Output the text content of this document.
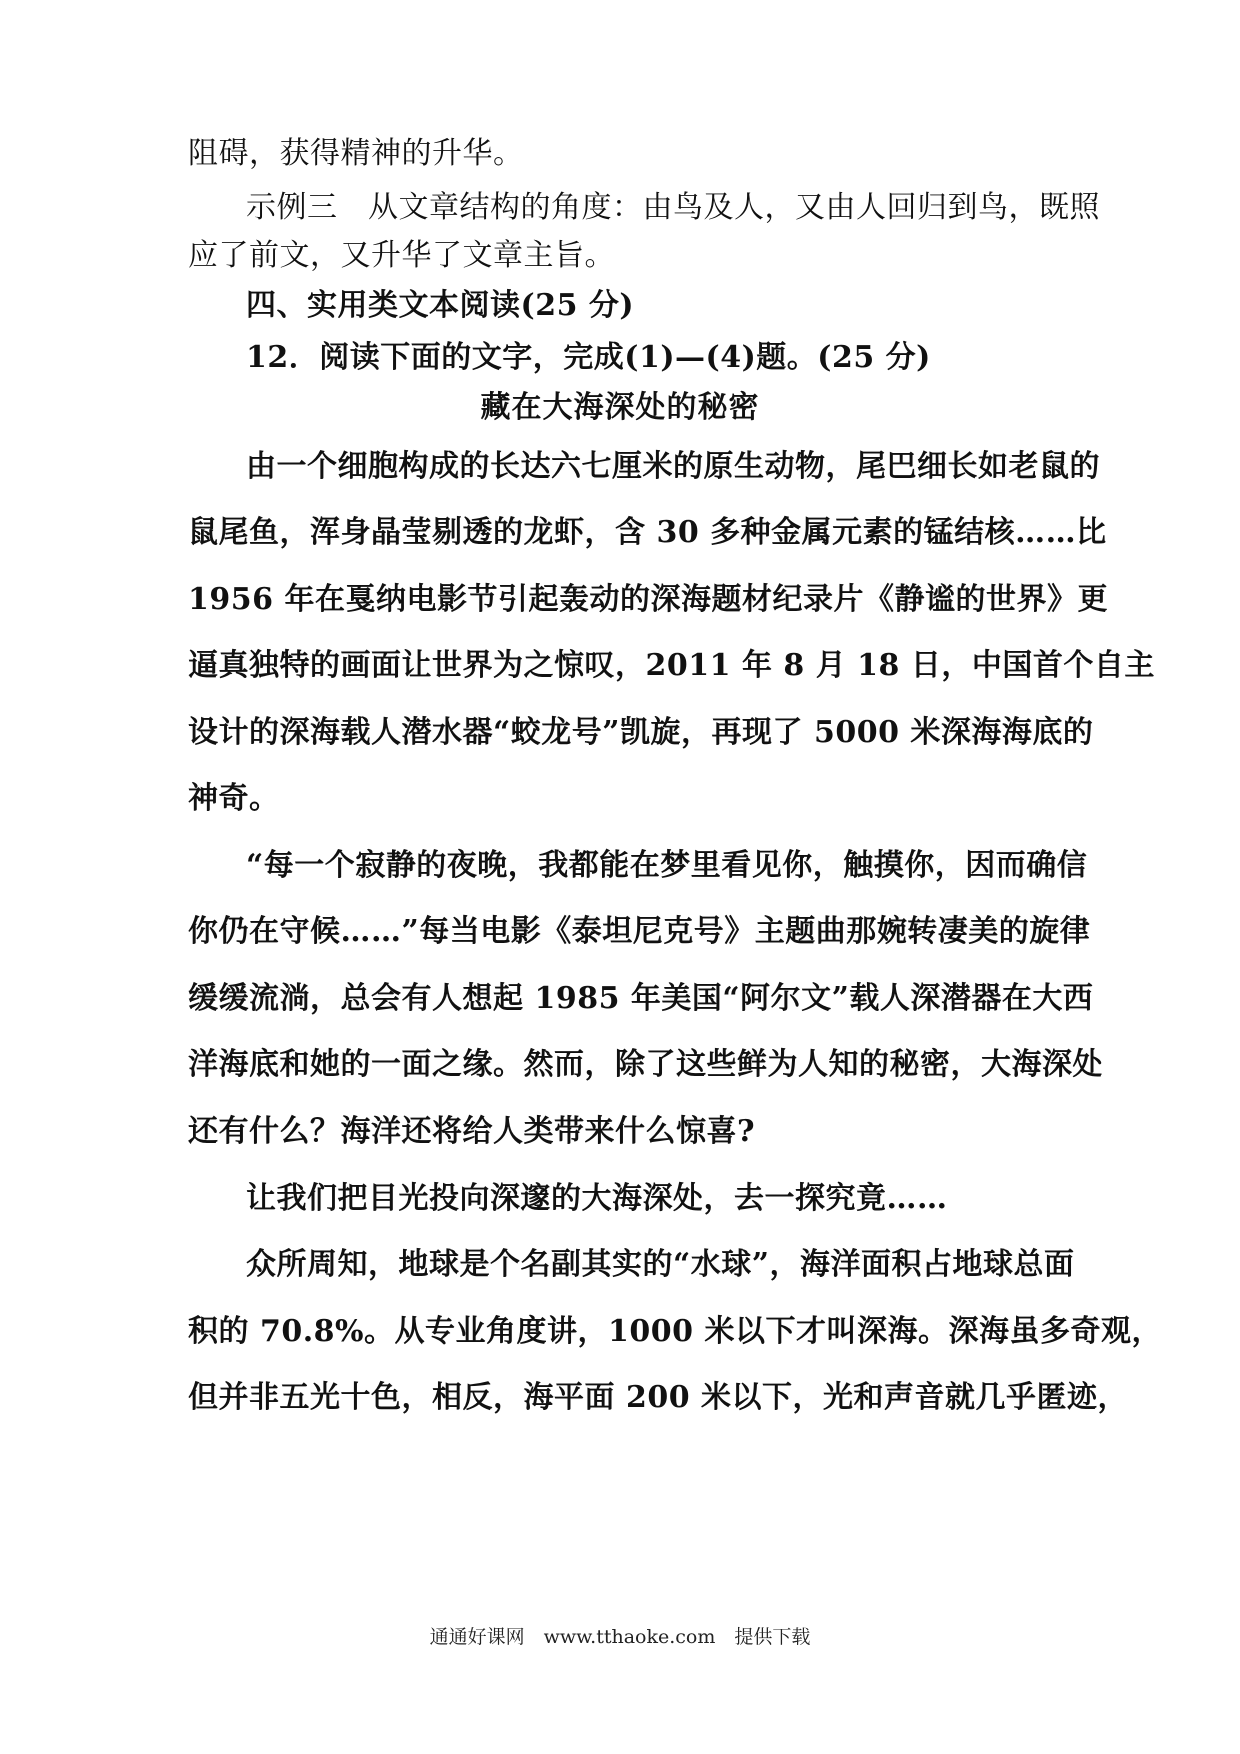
阻碍，获得精神的升华。

示例三　从文章结构的角度：由鸟及人，又由人回归到鸟，既照

应了前文，又升华了文章主旨。

四、实用类文本阅读(25 分)

12．阅读下面的文字，完成(1)—(4)题。(25 分)

藏在大海深处的秘密

由一个细胞构成的长达六七厘米的原生动物，尾巴细长如老鼠的

鼠尾鱼，浑身晶莹剔透的龙虾，含 30 多种金属元素的锰结核……比

1956 年在戛纳电影节引起轰动的深海题材纪录片《静谧的世界》更

逼真独特的画面让世界为之惊叹，2011 年 8 月 18 日，中国首个自主

设计的深海载人潜水器“蛟龙号”凯旋，再现了 5000 米深海海底的

神奇。

“每一个寂静的夜晚，我都能在梦里看见你，触摸你，因而确信

你仍在守候……”每当电影《泰坦尼克号》主题曲那婉转凄美的旋律

缓缓流淌，总会有人想起 1985 年美国“阿尔文”载人深潜器在大西

洋海底和她的一面之缘。然而，除了这些鲜为人知的秘密，大海深处

还有什么？海洋还将给人类带来什么惊喜?

让我们把目光投向深邃的大海深处，去一探究竟……

众所周知，地球是个名副其实的“水球”，海洋面积占地球总面

积的 70.8%。从专业角度讲，1000 米以下才叫深海。深海虽多奇观，

但并非五光十色，相反，海平面 200 米以下，光和声音就几乎匿迹，

通通好课网　www.tthaoke.com　提供下载
